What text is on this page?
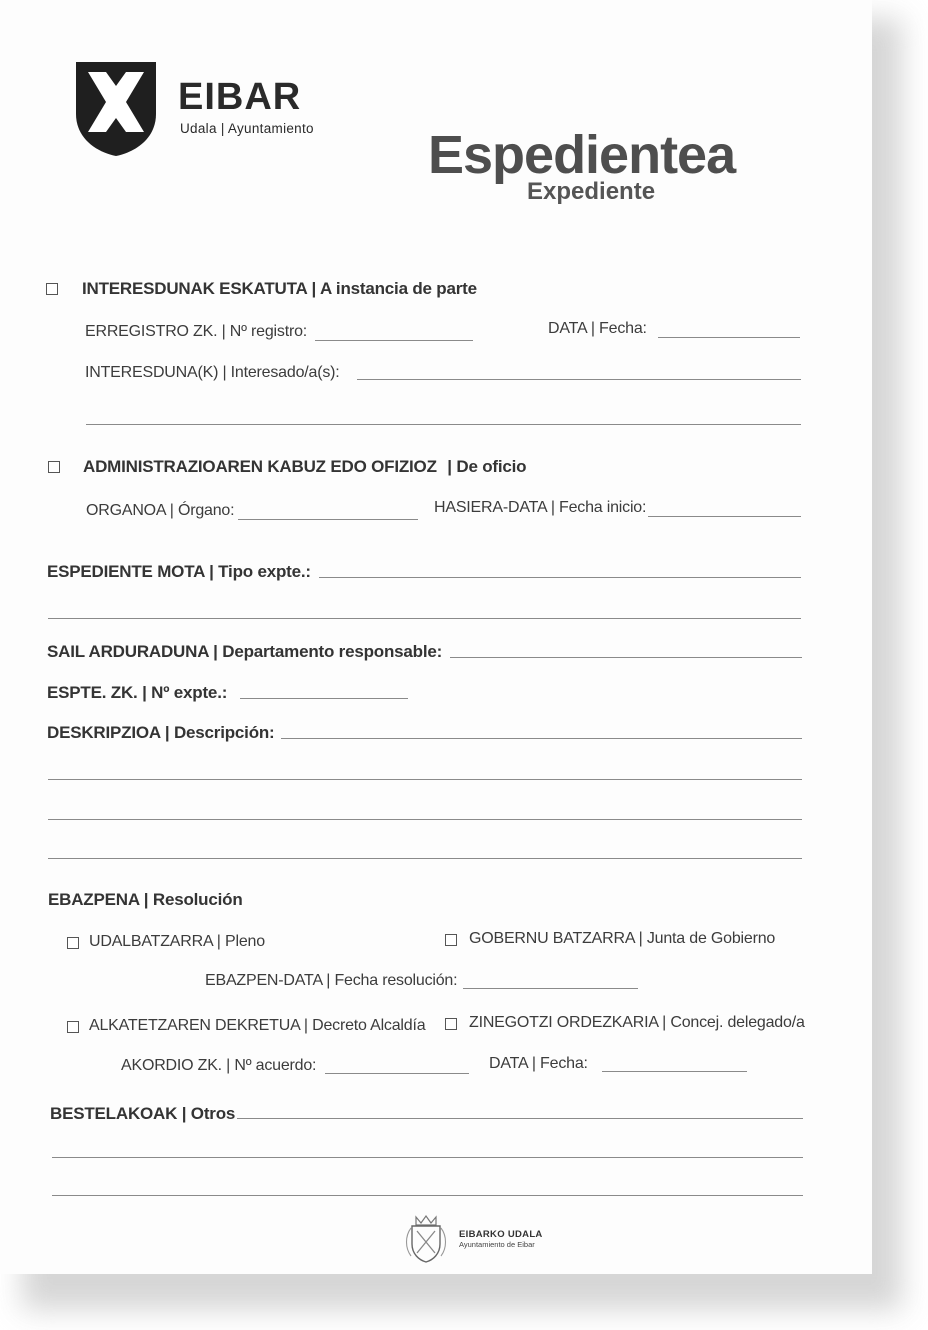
EIBAR
Udala | Ayuntamiento Espedientea
Expediente
INTERESDUNAK ESKATUTA | A instancia de parte
ERREGISTRO ZK. | Nº registro:	DATA | Fecha:
INTERESDUNA(K) | Interesado/a(s):
ADMINISTRAZIOAREN KABUZ EDO OFIZIOZ | De oficio
ORGANOA | Órgano:	HASIERA-DATA | Fecha inicio:
ESPEDIENTE MOTA | Tipo expte.:
SAIL ARDURADUNA | Departamento responsable:
ESPTE. ZK. | Nº expte.:
DESKRIPZIOA | Descripción:
EBAZPENA | Resolución
UDALBATZARRA | Pleno	GOBERNU BATZARRA | Junta de Gobierno
EBAZPEN-DATA | Fecha resolución:
ALKATETZAREN DEKRETUA | Decreto Alcaldía	ZINEGOTZI ORDEZKARIA | Concej. delegado/a
AKORDIO ZK. | Nº acuerdo:	DATA | Fecha:
BESTELAKOAK | Otros
EIBARKO UDALA
Ayuntamiento de Eibar
